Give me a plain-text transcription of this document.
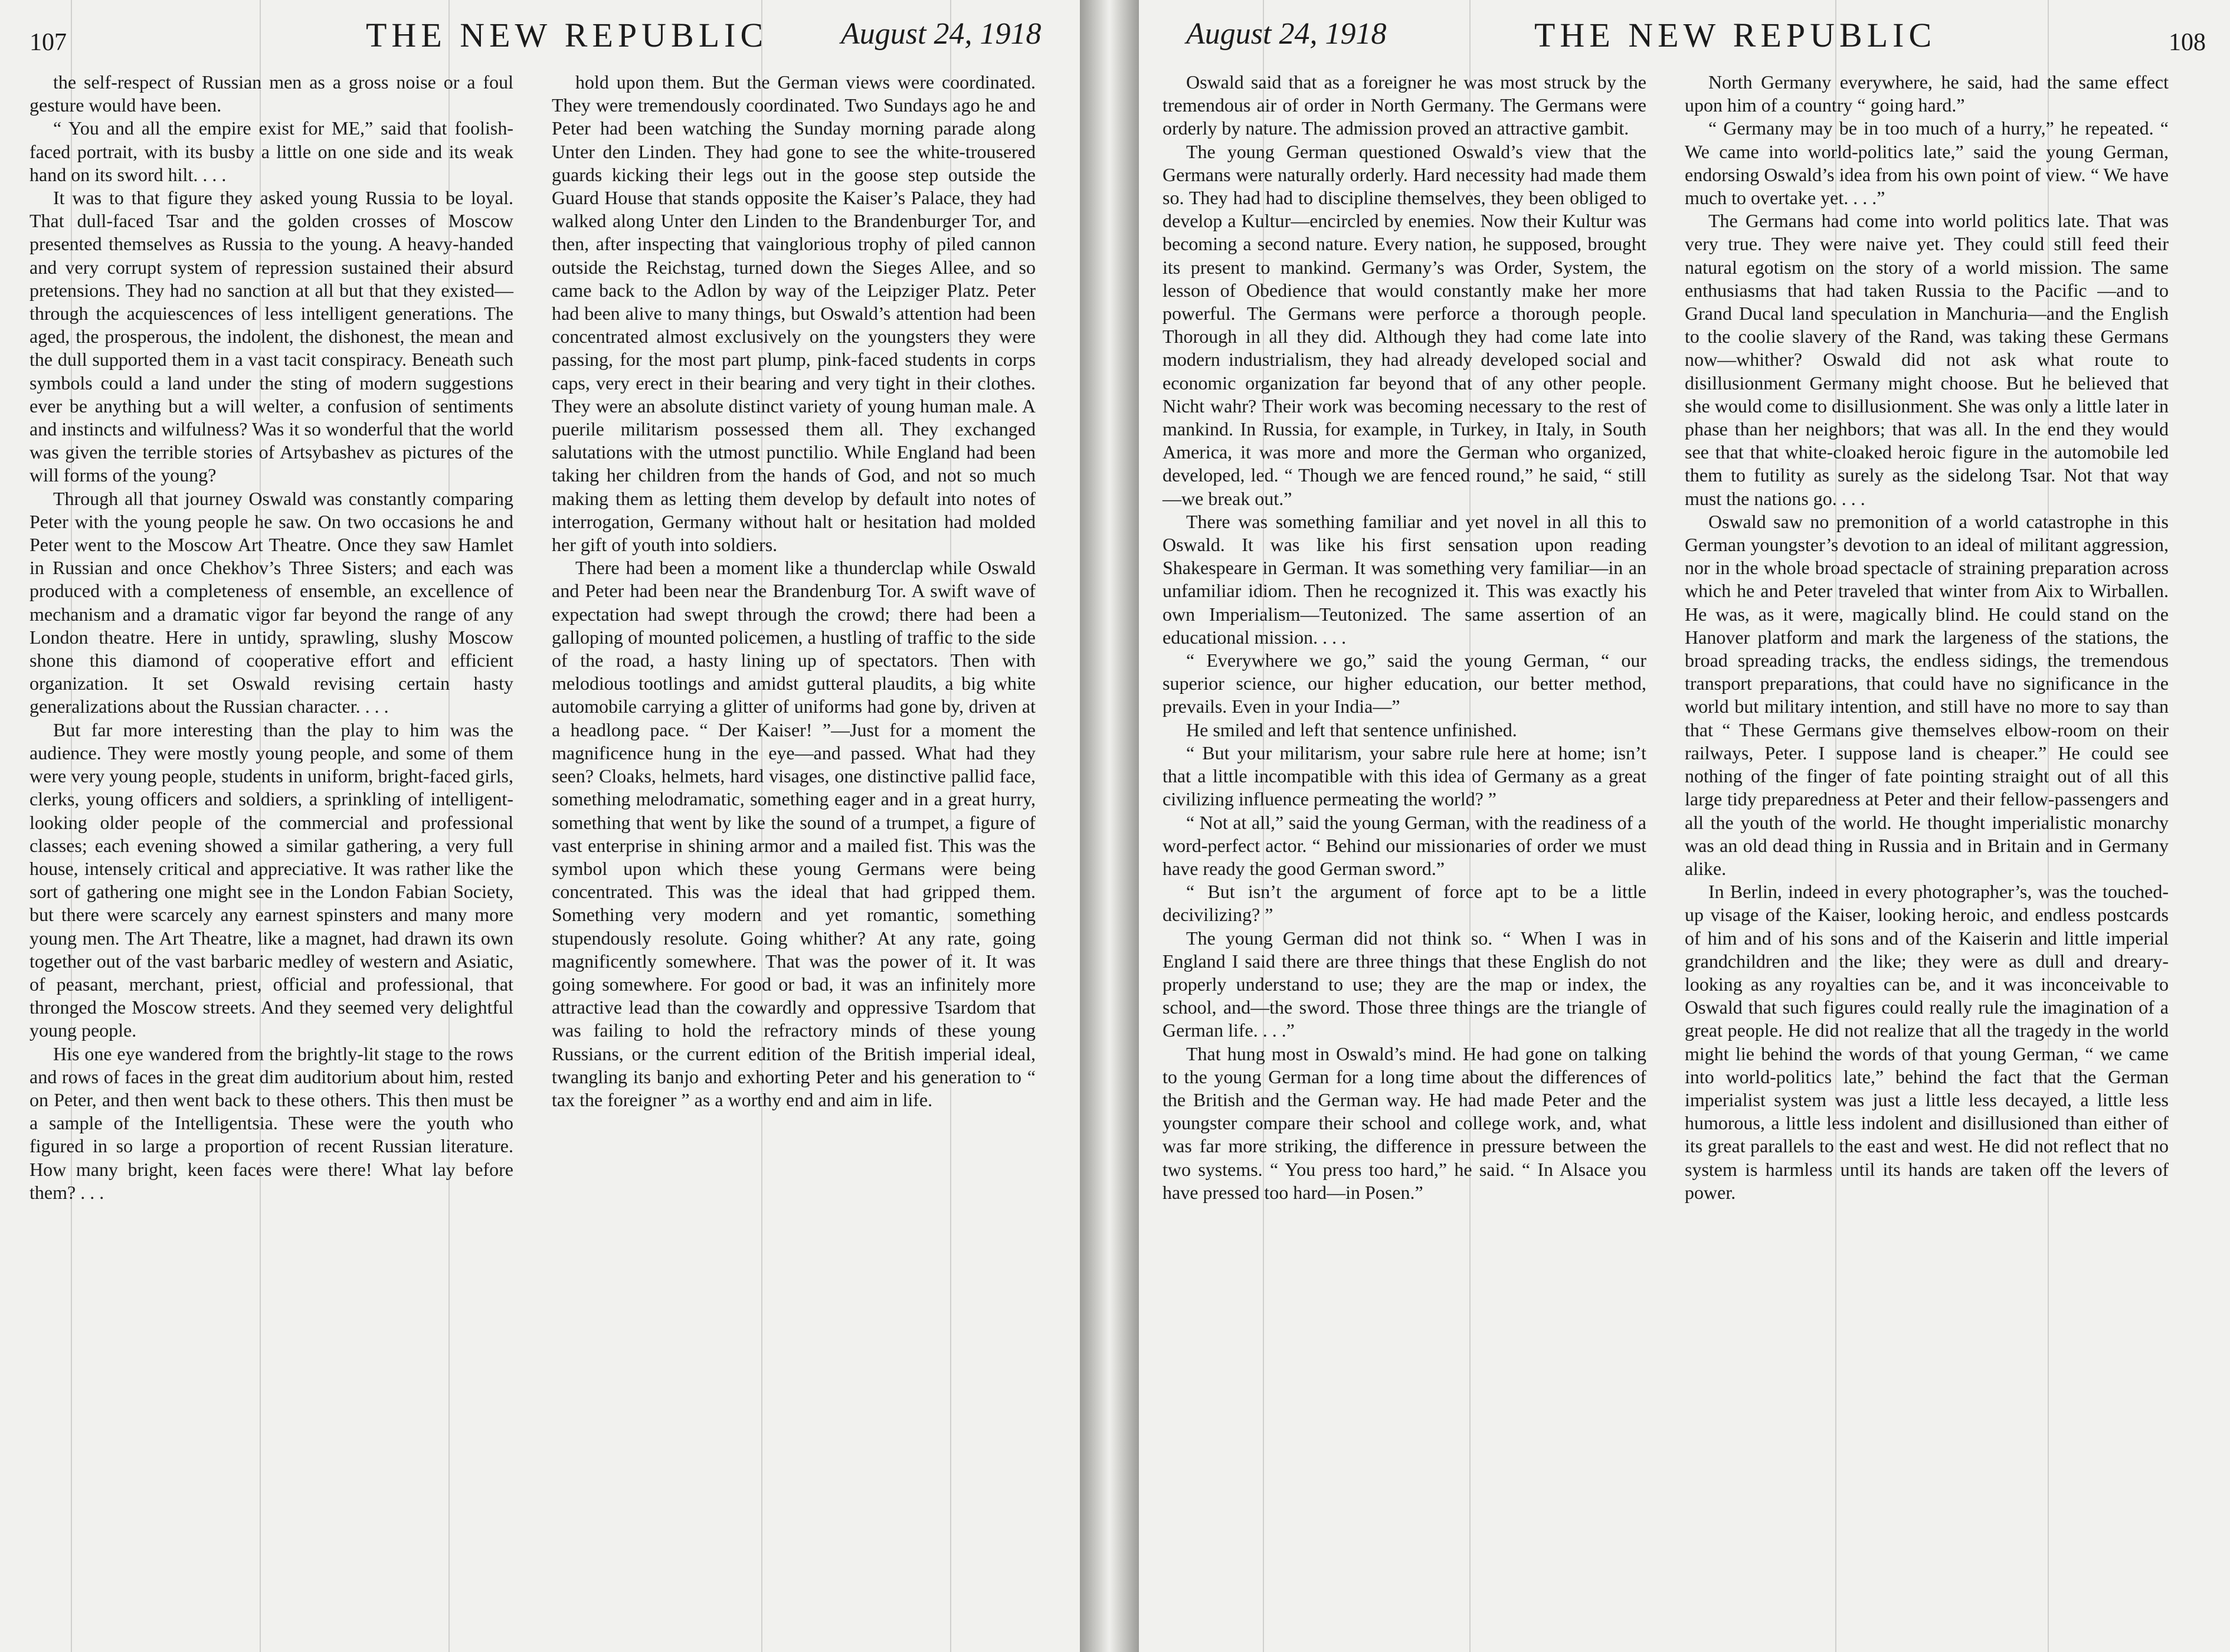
107	THE NEW REPUBLIC August 24, 1918

the self-respect of Russian men as a gross noise or a foul gesture would have been.

“ You and all the empire exist for ME,” said that foolish-faced portrait, with its busby a little on one side and its weak hand on its sword hilt. . . .

It was to that figure they asked young Russia to be loyal. That dull-faced Tsar and the golden crosses of Moscow presented themselves as Russia to the young. A heavy-handed and very corrupt system of repression sustained their absurd pretensions. They had no sanction at all but that they existed—through the acquiescences of less intelligent generations. The aged, the prosperous, the indolent, the dishonest, the mean and the dull supported them in a vast tacit conspiracy. Beneath such symbols could a land under the sting of modern suggestions ever be anything but a will welter, a confusion of sentiments and instincts and wilfulness? Was it so wonderful that the world was given the terrible stories of Artsybashev as pictures of the will forms of the young?

Through all that journey Oswald was constantly comparing Peter with the young people he saw. On two occasions he and Peter went to the Moscow Art Theatre. Once they saw Hamlet in Russian and once Chekhov’s Three Sisters; and each was produced with a completeness of ensemble, an excellence of mechanism and a dramatic vigor far beyond the range of any London theatre. Here in untidy, sprawling, slushy Moscow shone this diamond of cooperative effort and efficient organization. It set Oswald revising certain hasty generalizations about the Russian character. . . .

But far more interesting than the play to him was the audience. They were mostly young people, and some of them were very young people, students in uniform, bright-faced girls, clerks, young officers and soldiers, a sprinkling of intelligent-looking older people of the commercial and professional classes; each evening showed a similar gathering, a very full house, intensely critical and appreciative. It was rather like the sort of gathering one might see in the London Fabian Society, but there were scarcely any earnest spinsters and many more young men. The Art Theatre, like a magnet, had drawn its own together out of the vast barbaric medley of western and Asiatic, of peasant, merchant, priest, official and professional, that thronged the Moscow streets. And they seemed very delightful young people.

His one eye wandered from the brightly-lit stage to the rows and rows of faces in the great dim auditorium about him, rested on Peter, and then went back to these others. This then must be a sample of the Intelligentsia. These were the youth who figured in so large a proportion of recent Russian literature. How many bright, keen faces were there! What lay before them? . . .

hold upon them. But the German views were coordinated. They were tremendously coordinated. Two Sundays ago he and Peter had been watching the Sunday morning parade along Unter den Linden. They had gone to see the white-trousered guards kicking their legs out in the goose step outside the Guard House that stands opposite the Kaiser’s Palace, they had walked along Unter den Linden to the Brandenburger Tor, and then, after inspecting that vainglorious trophy of piled cannon outside the Reichstag, turned down the Sieges Allee, and so came back to the Adlon by way of the Leipziger Platz. Peter had been alive to many things, but Oswald’s attention had been concentrated almost exclusively on the youngsters they were passing, for the most part plump, pink-faced students in corps caps, very erect in their bearing and very tight in their clothes. They were an absolute distinct variety of young human male. A puerile militarism possessed them all. They exchanged salutations with the utmost punctilio. While England had been taking her children from the hands of God, and not so much making them as letting them develop by default into notes of interrogation, Germany without halt or hesitation had molded her gift of youth into soldiers.

There had been a moment like a thunderclap while Oswald and Peter had been near the Brandenburg Tor. A swift wave of expectation had swept through the crowd; there had been a galloping of mounted policemen, a hustling of traffic to the side of the road, a hasty lining up of spectators. Then with melodious tootlings and amidst gutteral plaudits, a big white automobile carrying a glitter of uniforms had gone by, driven at a headlong pace. “ Der Kaiser! ”—Just for a moment the magnificence hung in the eye—and passed. What had they seen? Cloaks, helmets, hard visages, one distinctive pallid face, something melodramatic, something eager and in a great hurry, something that went by like the sound of a trumpet, a figure of vast enterprise in shining armor and a mailed fist. This was the symbol upon which these young Germans were being concentrated. This was the ideal that had gripped them. Something very modern and yet romantic, something stupendously resolute. Going whither? At any rate, going magnificently somewhere. That was the power of it. It was going somewhere. For good or bad, it was an infinitely more attractive lead than the cowardly and oppressive Tsardom that was failing to hold the refractory minds of these young Russians, or the current edition of the British imperial ideal, twangling its banjo and exhorting Peter and his generation to “ tax the foreigner ” as a worthy end and aim in life.

August 24, 1918	THE NEW REPUBLIC	108

Oswald said that as a foreigner he was most struck by the tremendous air of order in North Germany. The Germans were orderly by nature. The admission proved an attractive gambit.

The young German questioned Oswald’s view that the Germans were naturally orderly. Hard necessity had made them so. They had had to discipline themselves, they been obliged to develop a Kultur—encircled by enemies. Now their Kultur was becoming a second nature. Every nation, he supposed, brought its present to mankind. Germany’s was Order, System, the lesson of Obedience that would constantly make her more powerful. The Germans were perforce a thorough people. Thorough in all they did. Although they had come late into modern industrialism, they had already developed social and economic organization far beyond that of any other people. Nicht wahr? Their work was becoming necessary to the rest of mankind. In Russia, for example, in Turkey, in Italy, in South America, it was more and more the German who organized, developed, led. “ Though we are fenced round,” he said, “ still—we break out.”

There was something familiar and yet novel in all this to Oswald. It was like his first sensation upon reading Shakespeare in German. It was something very familiar—in an unfamiliar idiom. Then he recognized it. This was exactly his own Imperialism—Teutonized. The same assertion of an educational mission. . . .

“ Everywhere we go,” said the young German, “ our superior science, our higher education, our better method, prevails. Even in your India—”

He smiled and left that sentence unfinished.

“ But your militarism, your sabre rule here at home; isn’t that a little incompatible with this idea of Germany as a great civilizing influence permeating the world? ”

“ Not at all,” said the young German, with the readiness of a word-perfect actor. “ Behind our missionaries of order we must have ready the good German sword.”

“ But isn’t the argument of force apt to be a little decivilizing? ”

The young German did not think so. “ When I was in England I said there are three things that these English do not properly understand to use; they are the map or index, the school, and—the sword. Those three things are the triangle of German life. . . .”

That hung most in Oswald’s mind. He had gone on talking to the young German for a long time about the differences of the British and the German way. He had made Peter and the youngster compare their school and college work, and, what was far more striking, the difference in pressure between the two systems. “ You press too hard,” he said. “ In Alsace you have pressed too hard—in Posen.”

North Germany everywhere, he said, had the same effect upon him of a country “ going hard.”

“ Germany may be in too much of a hurry,” he repeated. “ We came into world-politics late,” said the young German, endorsing Oswald’s idea from his own point of view. “ We have much to overtake yet. . . .”

The Germans had come into world politics late. That was very true. They were naive yet. They could still feed their natural egotism on the story of a world mission. The same enthusiasms that had taken Russia to the Pacific —and to Grand Ducal land speculation in Manchuria—and the English to the coolie slavery of the Rand, was taking these Germans now—whither? Oswald did not ask what route to disillusionment Germany might choose. But he believed that she would come to disillusionment. She was only a little later in phase than her neighbors; that was all. In the end they would see that that white-cloaked heroic figure in the automobile led them to futility as surely as the sidelong Tsar. Not that way must the nations go. . . .

Oswald saw no premonition of a world catastrophe in this German youngster’s devotion to an ideal of militant aggression, nor in the whole broad spectacle of straining preparation across which he and Peter traveled that winter from Aix to Wirballen. He was, as it were, magically blind. He could stand on the Hanover platform and mark the largeness of the stations, the broad spreading tracks, the endless sidings, the tremendous transport preparations, that could have no significance in the world but military intention, and still have no more to say than that “ These Germans give themselves elbow-room on their railways, Peter. I suppose land is cheaper.” He could see nothing of the finger of fate pointing straight out of all this large tidy preparedness at Peter and their fellow-passengers and all the youth of the world. He thought imperialistic monarchy was an old dead thing in Russia and in Britain and in Germany alike.

In Berlin, indeed in every photographer’s, was the touched-up visage of the Kaiser, looking heroic, and endless postcards of him and of his sons and of the Kaiserin and little imperial grandchildren and the like; they were as dull and dreary-looking as any royalties can be, and it was inconceivable to Oswald that such figures could really rule the imagination of a great people. He did not realize that all the tragedy in the world might lie behind the words of that young German, “ we came into world-politics late,” behind the fact that the German imperialist system was just a little less decayed, a little less humorous, a little less indolent and disillusioned than either of its great parallels to the east and west. He did not reflect that no system is harmless until its hands are taken off the levers of power.
